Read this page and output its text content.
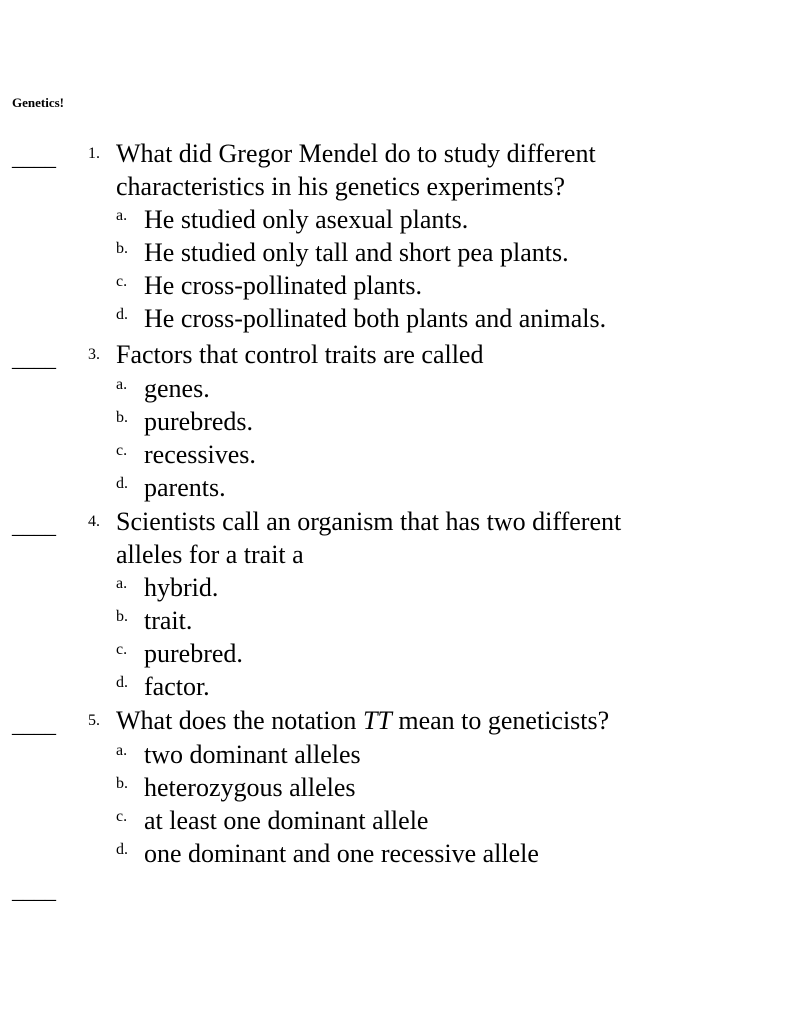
Genetics!
____ 1. What did Gregor Mendel do to study different
characteristics in his genetics experiments?
a. He studied only asexual plants.
b. He studied only tall and short pea plants.
c. He cross-pollinated plants.
d. He cross-pollinated both plants and animals.
____ 3. Factors that control traits are called
a. genes.
b. purebreds.
c. recessives.
d. parents.
____ 4. Scientists call an organism that has two different
alleles for a trait a
a. hybrid.
b. trait.
c. purebred.
d. factor.
____ 5. What does the notation TT mean to geneticists?
a. two dominant alleles
b. heterozygous alleles
c. at least one dominant allele
d. one dominant and one recessive allele
____
